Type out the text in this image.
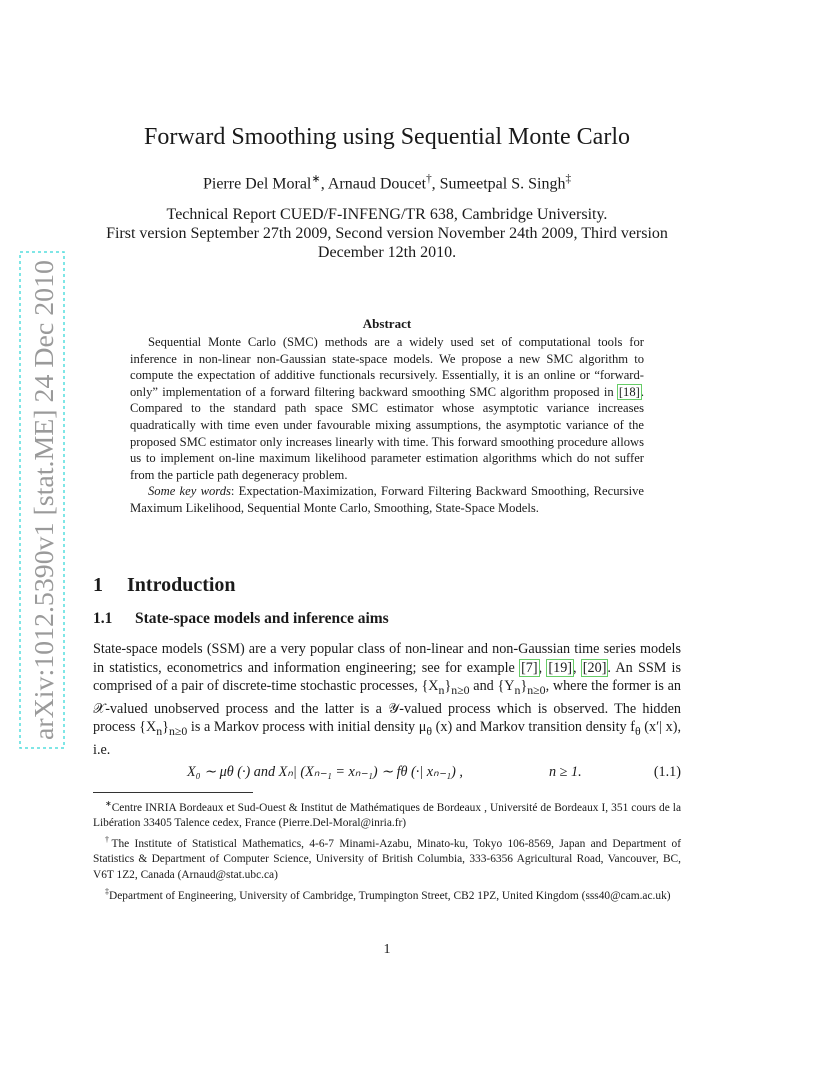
arXiv:1012.5390v1 [stat.ME] 24 Dec 2010
Forward Smoothing using Sequential Monte Carlo
Pierre Del Moral∗, Arnaud Doucet†, Sumeetpal S. Singh‡

Technical Report CUED/F-INFENG/TR 638, Cambridge University.

First version September 27th 2009, Second version November 24th 2009, Third version December 12th 2010.

Abstract

Sequential Monte Carlo (SMC) methods are a widely used set of computational tools for inference in non-linear non-Gaussian state-space models. We propose a new SMC algorithm to compute the expectation of additive functionals recursively. Essentially, it is an online or “forward-only” implementation of a forward filtering backward smoothing SMC algorithm proposed in [18]. Compared to the standard path space SMC estimator whose asymptotic variance increases quadratically with time even under favourable mixing assumptions, the asymptotic variance of the proposed SMC estimator only increases linearly with time. This forward smoothing procedure allows us to implement on-line maximum likelihood parameter estimation algorithms which do not suffer from the particle path degeneracy problem.

Some key words: Expectation-Maximization, Forward Filtering Backward Smoothing, Recursive Maximum Likelihood, Sequential Monte Carlo, Smoothing, State-Space Models.

1 Introduction
1.1 State-space models and inference aims

State-space models (SSM) are a very popular class of non-linear and non-Gaussian time series models in statistics, econometrics and information engineering; see for example [7], [19], [20]. An SSM is comprised of a pair of discrete-time stochastic processes, $\{X_n\}_{n\ge 0}$ and $\{Y_n\}_{n\ge 0}$, where the former is an 𝒳-valued unobserved process and the latter is a 𝒴-valued process which is observed. The hidden process $\{X_n\}_{n\ge 0}$ is a Markov process with initial density $\mu_\theta$ (x) and Markov transition density $f_\theta$ (x′| x), i.e.

X₀ ∼ μθ (·) and Xₙ| (Xₙ₋₁ = xₙ₋₁) ∼ fθ (·| xₙ₋₁) ,	n ≥ 1.	(1.1)

∗Centre INRIA Bordeaux et Sud-Ouest & Institut de Mathématiques de Bordeaux , Université de Bordeaux I, 351 cours de la Libération 33405 Talence cedex, France (Pierre.Del-Moral@inria.fr)

†The Institute of Statistical Mathematics, 4-6-7 Minami-Azabu, Minato-ku, Tokyo 106-8569, Japan and Department of Statistics & Department of Computer Science, University of British Columbia, 333-6356 Agricultural Road, Vancouver, BC, V6T 1Z2, Canada (Arnaud@stat.ubc.ca)

‡Department of Engineering, University of Cambridge, Trumpington Street, CB2 1PZ, United Kingdom (sss40@cam.ac.uk)

1
